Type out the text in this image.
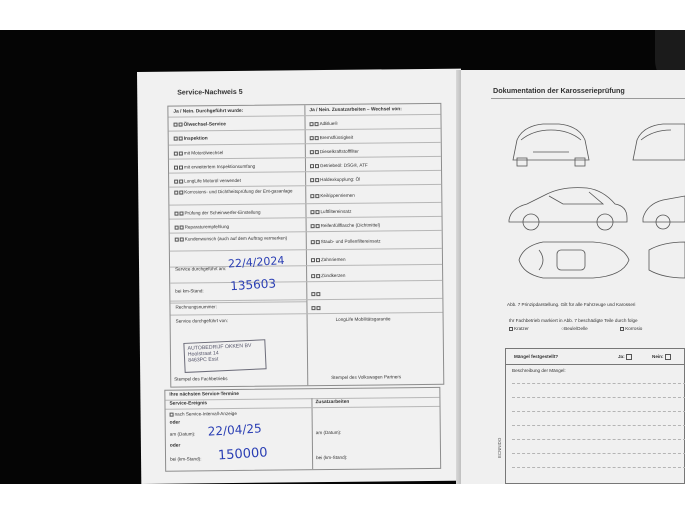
Service-Nachweis 5
Ja / Nein. Durchgeführt wurde:	Ja / Nein. Zusatzarbeiten – Wechsel von:
Ölwechsel-Service
Inspektion
mit Motorölwechsel
mit erweitertem Inspektionsumfang
LongLife Motoröl verwendet
Korrosions- und Dichtheitsprüfung der Ent-gasanlage
Prüfung der Scheinwerfer-Einstellung
Reparaturempfehlung
Kundenwunsch (auch auf dem Auftrag vermerken)
AdBlue®
Bremsflüssigkeit
Dieselkraftstofffilter
Getriebeöl: DSG®, ATF
Haldexkupplung: Öl
Keilrippenriemen
Luftfiltereinsatz
Reifenfüllflasche (Dichtmittel)
Staub- und Pollenfiltereinsatz
Zahnriemen
Zündkerzen
Service durchgeführt am: 22/4/2024
bei km-Stand: 135603
Rechnungsnummer:
Service durchgeführt von:	LongLife Mobilitätsgarantie
Stempel des Fachbetriebs	Stempel des Volkswagen Partners
AUTOBEDRIJF OKKEN BV
Hoolstraat 14
8463PC Esst
Ihre nächsten Service-Termine
Service-Ereignis	Zusatzarbeiten
nach Service-Intervall-Anzeige
oder
am (Datum): 22/04/25
oder
bei (km-Stand): 150000
am (Datum):
bei (km-Stand):
Dokumentation der Karosserieprüfung
Abb. 7 Prinzipdarstellung. Gilt für alle Fahrzeuge und Karosseri
Ihr Fachbetrieb markiert in Abb. 7 beschädigte Teile durch folge
Kratzer	○Beule/Delle	Korrosio
Mängel festgestellt?	Ja:	Nein:
Beschreibung der Mängel:
ECNNIDO
